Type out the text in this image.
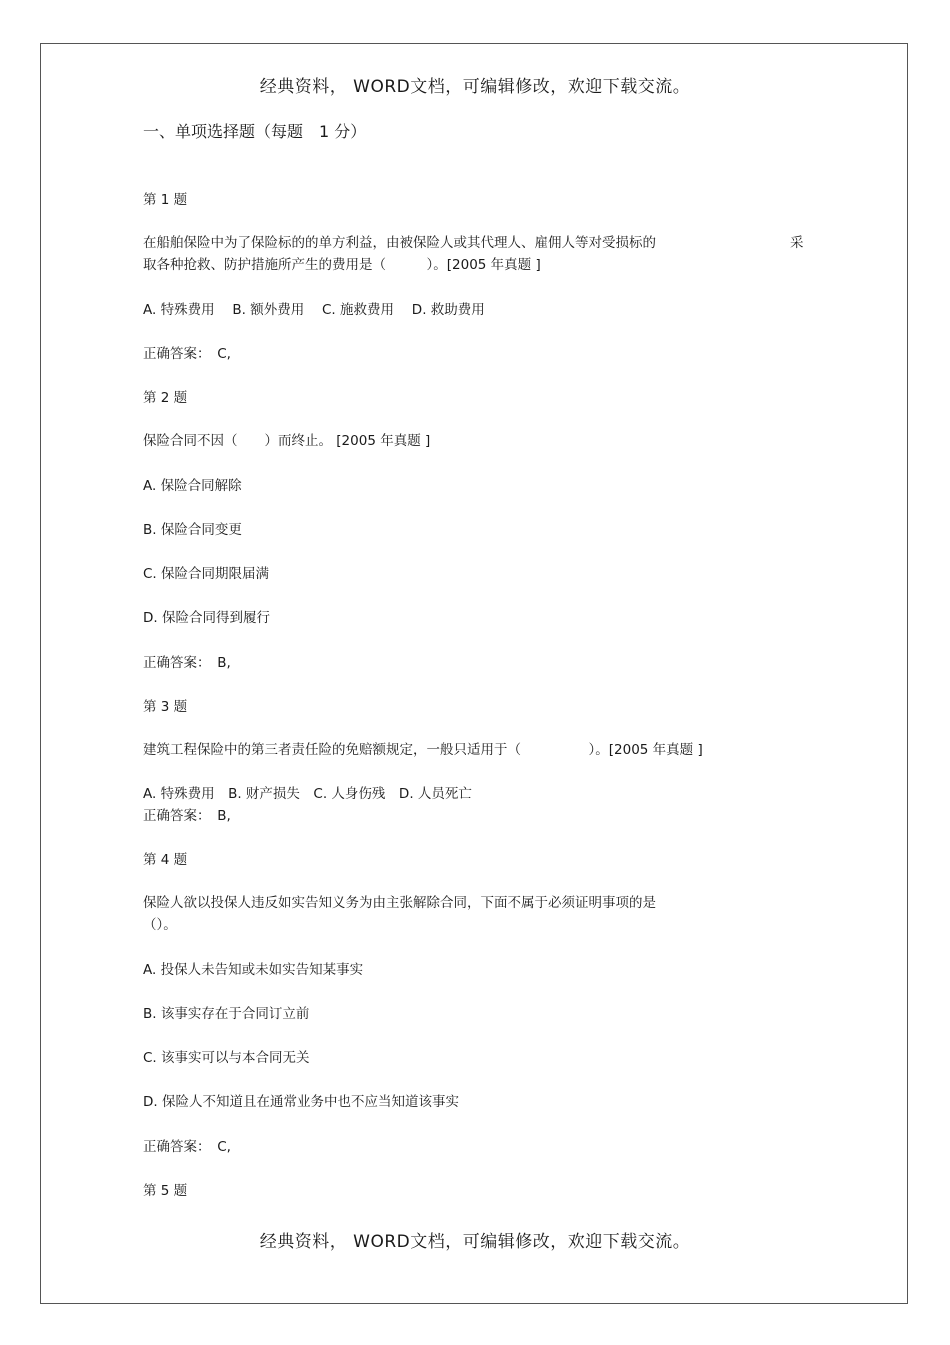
经典资料， WORD文档，可编辑修改，欢迎下载交流。
一、单项选择题（每题　1 分）
第 1 题
在船舶保险中为了保险标的的单方利益，由被保险人或其代理人、雇佣人等对受损标的	采
取各种抢救、防护措施所产生的费用是（　　　）。[2005 年真题 ]
A. 特殊费用　 B. 额外费用　 C. 施救费用　 D. 救助费用
正确答案：　C,
第 2 题
保险合同不因（　　）而终止。 [2005 年真题 ]
A. 保险合同解除
B. 保险合同变更
C. 保险合同期限届满
D. 保险合同得到履行
正确答案：　B,
第 3 题
建筑工程保险中的第三者责任险的免赔额规定，一般只适用于（　　　　　）。[2005 年真题 ]
A. 特殊费用　B. 财产损失　C. 人身伤残　D. 人员死亡
正确答案：　B,
第 4 题
保险人欲以投保人违反如实告知义务为由主张解除合同，下面不属于必须证明事项的是
（）。
A. 投保人未告知或未如实告知某事实
B. 该事实存在于合同订立前
C. 该事实可以与本合同无关
D. 保险人不知道且在通常业务中也不应当知道该事实
正确答案：　C,
第 5 题
经典资料， WORD文档，可编辑修改，欢迎下载交流。
